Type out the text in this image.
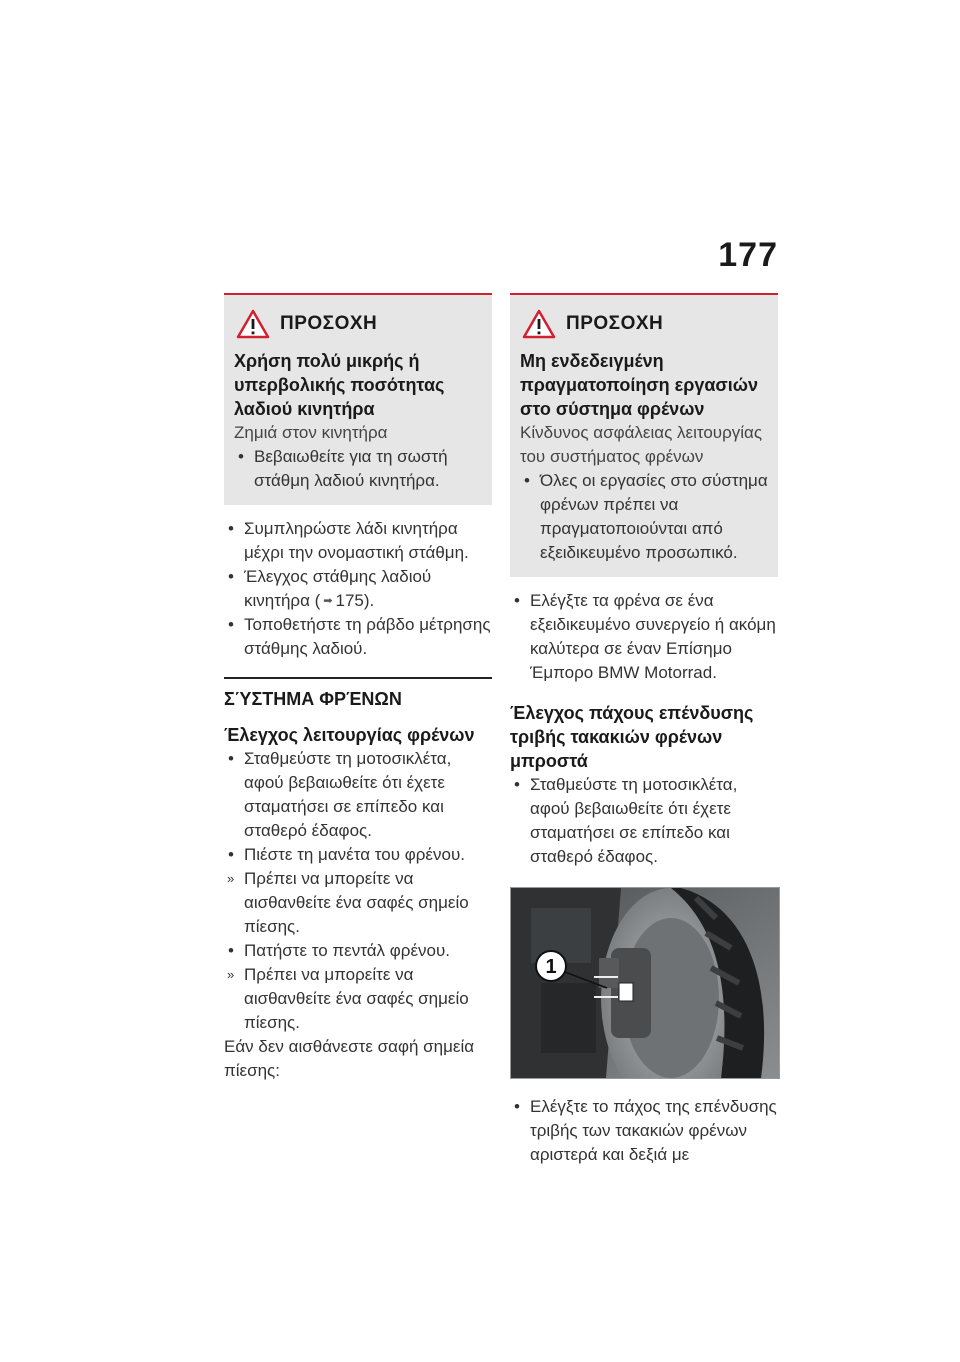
177
ΠΡΟΣΟΧΗ
Χρήση πολύ μικρής ή υπερβολικής ποσότητας λαδιού κινητήρα
Ζημιά στον κινητήρα
• Βεβαιωθείτε για τη σωστή στάθμη λαδιού κινητήρα.
• Συμπληρώστε λάδι κινητήρα μέχρι την ονομαστική στάθμη.
• Έλεγχος στάθμης λαδιού κινητήρα ( ➡ 175).
• Τοποθετήστε τη ράβδο μέτρησης στάθμης λαδιού.
ΣΎΣΤΗΜΑ ΦΡΈΝΩΝ
Έλεγχος λειτουργίας φρένων
• Σταθμεύστε τη μοτοσικλέτα, αφού βεβαιωθείτε ότι έχετε σταματήσει σε επίπεδο και σταθερό έδαφος.
• Πιέστε τη μανέτα του φρένου.
» Πρέπει να μπορείτε να αισθανθείτε ένα σαφές σημείο πίεσης.
• Πατήστε το πεντάλ φρένου.
» Πρέπει να μπορείτε να αισθανθείτε ένα σαφές σημείο πίεσης.
Εάν δεν αισθάνεστε σαφή σημεία πίεσης:
ΠΡΟΣΟΧΗ
Μη ενδεδειγμένη πραγματοποίηση εργασιών στο σύστημα φρένων
Κίνδυνος ασφάλειας λειτουργίας του συστήματος φρένων
• Όλες οι εργασίες στο σύστημα φρένων πρέπει να πραγματοποιούνται από εξειδικευμένο προσωπικό.
• Ελέγξτε τα φρένα σε ένα εξειδικευμένο συνεργείο ή ακόμη καλύτερα σε έναν Επίσημο Έμπορο BMW Motorrad.
Έλεγχος πάχους επένδυσης τριβής τακακιών φρένων μπροστά
• Σταθμεύστε τη μοτοσικλέτα, αφού βεβαιωθείτε ότι έχετε σταματήσει σε επίπεδο και σταθερό έδαφος.
1
• Ελέγξτε το πάχος της επένδυσης τριβής των τακακιών φρένων αριστερά και δεξιά με
